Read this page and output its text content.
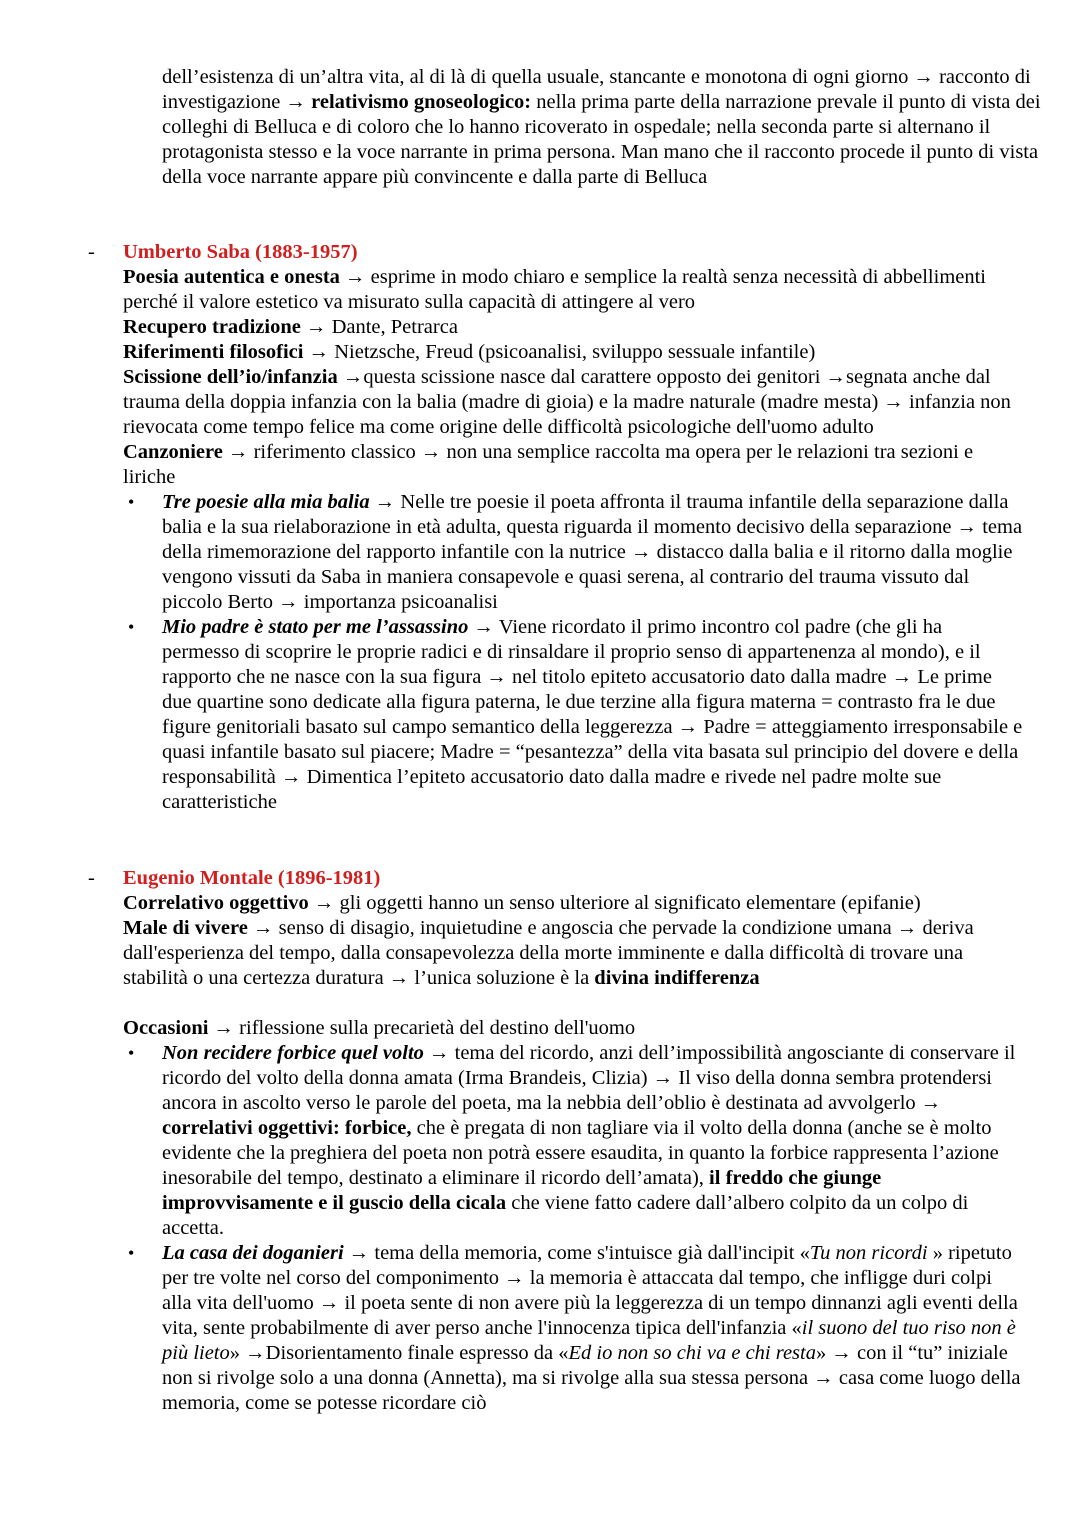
dell’esistenza di un’altra vita, al di là di quella usuale, stancante e monotona di ogni giorno → racconto di investigazione → relativismo gnoseologico: nella prima parte della narrazione prevale il punto di vista dei colleghi di Belluca e di coloro che lo hanno ricoverato in ospedale; nella seconda parte si alternano il protagonista stesso e la voce narrante in prima persona. Man mano che il racconto procede il punto di vista della voce narrante appare più convincente e dalla parte di Belluca

- Umberto Saba (1883-1957)
Poesia autentica e onesta → esprime in modo chiaro e semplice la realtà senza necessità di abbellimenti perché il valore estetico va misurato sulla capacità di attingere al vero
Recupero tradizione → Dante, Petrarca
Riferimenti filosofici → Nietzsche, Freud (psicoanalisi, sviluppo sessuale infantile)
Scissione dell’io/infanzia →questa scissione nasce dal carattere opposto dei genitori →segnata anche dal trauma della doppia infanzia con la balia (madre di gioia) e la madre naturale (madre mesta) → infanzia non rievocata come tempo felice ma come origine delle difficoltà psicologiche dell'uomo adulto
Canzoniere → riferimento classico → non una semplice raccolta ma opera per le relazioni tra sezioni e liriche
• Tre poesie alla mia balia → Nelle tre poesie il poeta affronta il trauma infantile della separazione dalla balia e la sua rielaborazione in età adulta, questa riguarda il momento decisivo della separazione → tema della rimemorazione del rapporto infantile con la nutrice → distacco dalla balia e il ritorno dalla moglie vengono vissuti da Saba in maniera consapevole e quasi serena, al contrario del trauma vissuto dal piccolo Berto → importanza psicoanalisi
• Mio padre è stato per me l’assassino → Viene ricordato il primo incontro col padre (che gli ha permesso di scoprire le proprie radici e di rinsaldare il proprio senso di appartenenza al mondo), e il rapporto che ne nasce con la sua figura → nel titolo epiteto accusatorio dato dalla madre → Le prime due quartine sono dedicate alla figura paterna, le due terzine alla figura materna = contrasto fra le due figure genitoriali basato sul campo semantico della leggerezza → Padre = atteggiamento irresponsabile e quasi infantile basato sul piacere; Madre = “pesantezza” della vita basata sul principio del dovere e della responsabilità → Dimentica l’epiteto accusatorio dato dalla madre e rivede nel padre molte sue caratteristiche
- Eugenio Montale (1896-1981)
Correlativo oggettivo → gli oggetti hanno un senso ulteriore al significato elementare (epifanie)
Male di vivere → senso di disagio, inquietudine e angoscia che pervade la condizione umana → deriva dall'esperienza del tempo, dalla consapevolezza della morte imminente e dalla difficoltà di trovare una stabilità o una certezza duratura → l’unica soluzione è la divina indifferenza
Occasioni → riflessione sulla precarietà del destino dell'uomo
• Non recidere forbice quel volto → tema del ricordo, anzi dell’impossibilità angosciante di conservare il ricordo del volto della donna amata (Irma Brandeis, Clizia) → Il viso della donna sembra protendersi ancora in ascolto verso le parole del poeta, ma la nebbia dell’oblio è destinata ad avvolgerlo → correlativi oggettivi: forbice, che è pregata di non tagliare via il volto della donna (anche se è molto evidente che la preghiera del poeta non potrà essere esaudita, in quanto la forbice rappresenta l’azione inesorabile del tempo, destinato a eliminare il ricordo dell’amata), il freddo che giunge improvvisamente e il guscio della cicala che viene fatto cadere dall’albero colpito da un colpo di accetta.
• La casa dei doganieri → tema della memoria, come s'intuisce già dall'incipit «Tu non ricordi » ripetuto per tre volte nel corso del componimento → la memoria è attaccata dal tempo, che infligge duri colpi alla vita dell'uomo → il poeta sente di non avere più la leggerezza di un tempo dinnanzi agli eventi della vita, sente probabilmente di aver perso anche l'innocenza tipica dell'infanzia «il suono del tuo riso non è più lieto» →Disorientamento finale espresso da «Ed io non so chi va e chi resta» → con il “tu” iniziale non si rivolge solo a una donna (Annetta), ma si rivolge alla sua stessa persona → casa come luogo della memoria, come se potesse ricordare ciò
